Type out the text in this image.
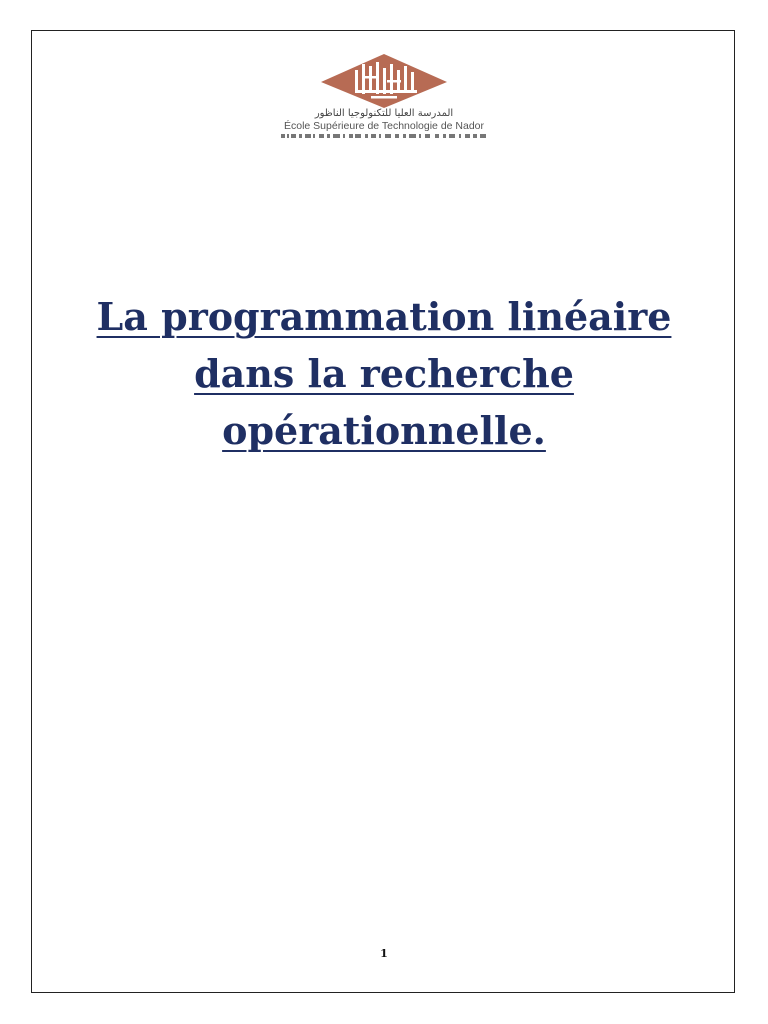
المدرسة العليا للتكنولوجيا الناظور
École Supérieure de Technologie de Nador
La programmation linéaire
dans la recherche
opérationnelle.
1
